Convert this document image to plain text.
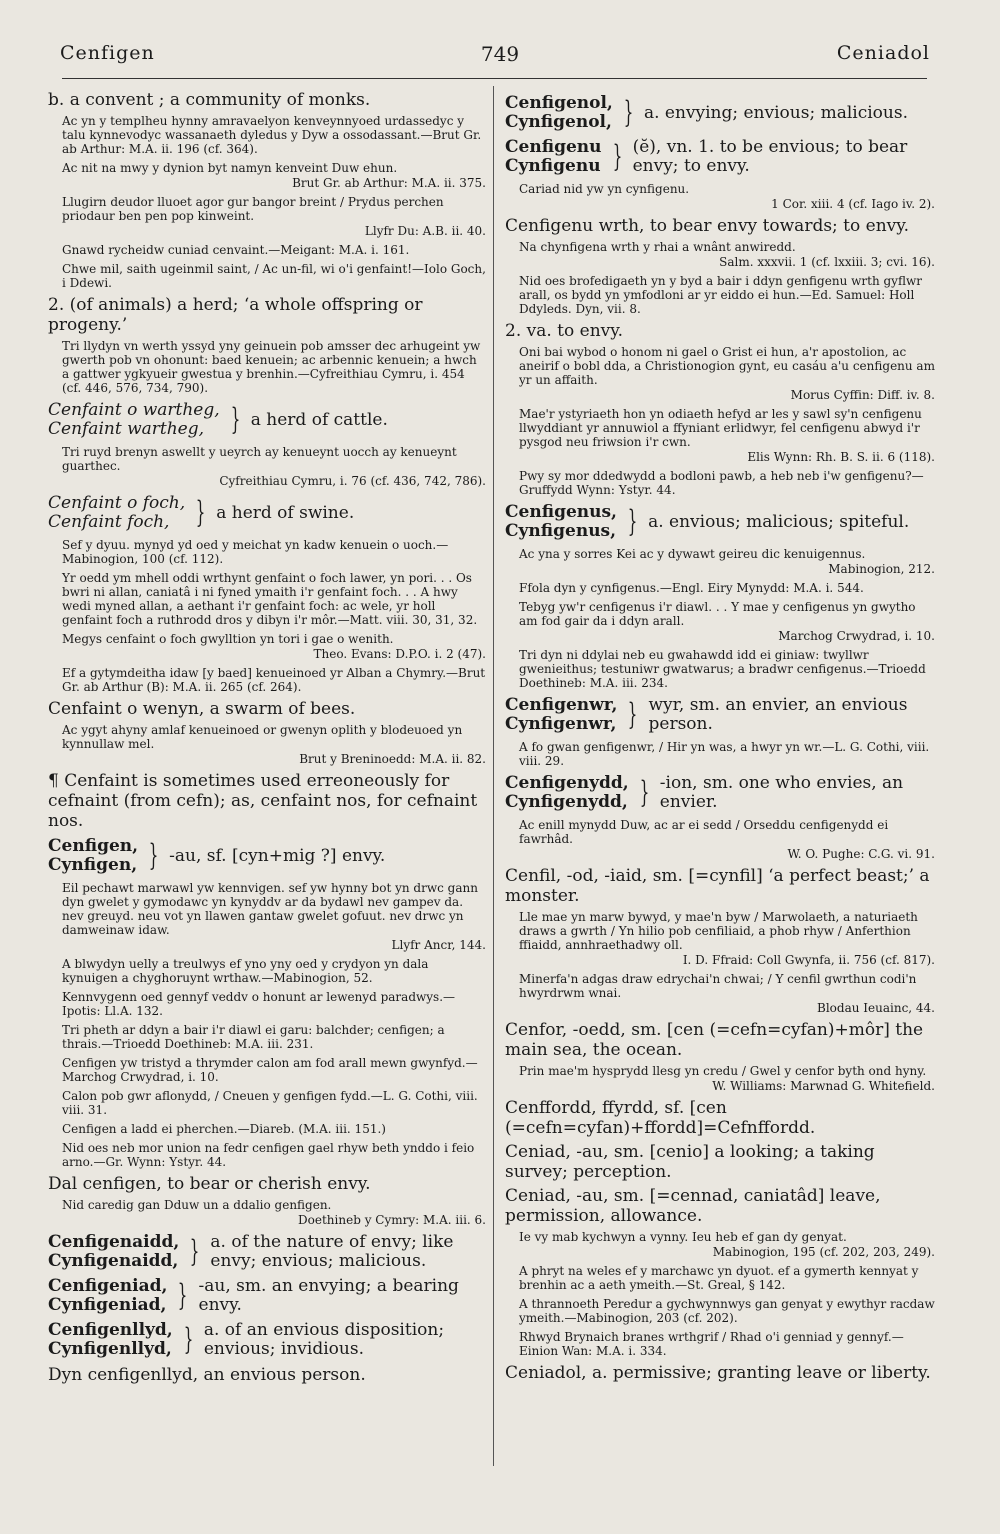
Cenfigen	749	Ceniadol
b. a convent ; a community of monks.
Ac yn y templheu hynny amravaelyon kenveynnyoed urdassedyc y talu kynnevodyc wassanaeth dyledus y Dyw a ossodassant.—Brut Gr. ab Arthur: M.A. ii. 196 (cf. 364).
Ac nit na mwy y dynion byt namyn kenveint Duw ehun.
Brut Gr. ab Arthur: M.A. ii. 375.
Llugirn deudor lluoet agor gur bangor breint / Prydus perchen priodaur ben pen pop kinweint.
Llyfr Du: A.B. ii. 40.
Gnawd rycheidw cuniad cenvaint.—Meigant: M.A. i. 161.
Chwe mil, saith ugeinmil saint, / Ac un-fil, wi o'i genfaint!—Iolo Goch, i Ddewi.
2. (of animals) a herd; ‘a whole offspring or progeny.’
Tri llydyn vn werth yssyd yny geinuein pob amsser dec arhugeint yw gwerth pob vn ohonunt: baed kenuein; ac arbennic kenuein; a hwch a gattwer ygkyueir gwestua y brenhin.—Cyfreithiau Cymru, i. 454 (cf. 446, 576, 734, 790).
Cenfaint o wartheg,
Cenfaint wartheg, } a herd of cattle.
Tri ruyd brenyn aswellt y ueyrch ay kenueynt uocch ay kenueynt guarthec.
Cyfreithiau Cymru, i. 76 (cf. 436, 742, 786).
Cenfaint o foch,
Cenfaint foch, } a herd of swine.
Sef y dyuu. mynyd yd oed y meichat yn kadw kenuein o uoch.—Mabinogion, 100 (cf. 112).
Yr oedd ym mhell oddi wrthynt genfaint o foch lawer, yn pori. . . Os bwri ni allan, caniatâ i ni fyned ymaith i'r genfaint foch. . . A hwy wedi myned allan, a aethant i'r genfaint foch: ac wele, yr holl genfaint foch a ruthrodd dros y dibyn i'r môr.—Matt. viii. 30, 31, 32.
Megys cenfaint o foch gwylltion yn tori i gae o wenith.
Theo. Evans: D.P.O. i. 2 (47).
Ef a gytymdeitha idaw [y baed] kenueinoed yr Alban a Chymry.—Brut Gr. ab Arthur (B): M.A. ii. 265 (cf. 264).
Cenfaint o wenyn, a swarm of bees.
Ac ygyt ahyny amlaf kenueinoed or gwenyn oplith y blodeuoed yn kynnullaw mel.
Brut y Breninoedd: M.A. ii. 82.
¶ Cenfaint is sometimes used erreoneously for cefnaint (from cefn); as, cenfaint nos, for cefnaint nos.
Cenfigen,
Cynfigen, } -au, sf. [cyn+mig ?] envy.
Eil pechawt marwawl yw kennvigen. sef yw hynny bot yn drwc gann dyn gwelet y gymodawc yn kynyddv ar da bydawl nev gampev da. nev greuyd. neu vot yn llawen gantaw gwelet gofuut. nev drwc yn damweinaw idaw.
Llyfr Ancr, 144.
A blwydyn uelly a treulwys ef yno yny oed y crydyon yn dala kynuigen a chyghoruynt wrthaw.—Mabinogion, 52.
Kennvygenn oed gennyf veddv o honunt ar lewenyd paradwys.—Ipotis: Ll.A. 132.
Tri pheth ar ddyn a bair i'r diawl ei garu: balchder; cenfigen; a thrais.—Trioedd Doethineb: M.A. iii. 231.
Cenfigen yw tristyd a thrymder calon am fod arall mewn gwynfyd.—Marchog Crwydrad, i. 10.
Calon pob gwr aflonydd, / Cneuen y genfigen fydd.—L. G. Cothi, viii. viii. 31.
Cenfigen a ladd ei pherchen.—Diareb. (M.A. iii. 151.)
Nid oes neb mor union na fedr cenfigen gael rhyw beth ynddo i feio arno.—Gr. Wynn: Ystyr. 44.
Dal cenfigen, to bear or cherish envy.
Nid caredig gan Dduw un a ddalio genfigen.
Doethineb y Cymry: M.A. iii. 6.
Cenfigenaidd,
Cynfigenaidd, } a. of the nature of envy; like envy; envious; malicious.
Cenfigeniad,
Cynfigeniad, } -au, sm. an envying; a bearing envy.
Cenfigenllyd,
Cynfigenllyd, } a. of an envious disposition; envious; invidious.
Dyn cenfigenllyd, an envious person.
Cenfigenol,
Cynfigenol, } a. envying; envious; malicious.
Cenfigenu
Cynfigenu } (ĕ), vn. 1. to be envious; to bear envy; to envy.
Cariad nid yw yn cynfigenu.
1 Cor. xiii. 4 (cf. Iago iv. 2).
Cenfigenu wrth, to bear envy towards; to envy.
Na chynfigena wrth y rhai a wnânt anwiredd.
Salm. xxxvii. 1 (cf. lxxiii. 3; cvi. 16).
Nid oes brofedigaeth yn y byd a bair i ddyn genfigenu wrth gyflwr arall, os bydd yn ymfodloni ar yr eiddo ei hun.—Ed. Samuel: Holl Ddyleds. Dyn, vii. 8.
2. va. to envy.
Oni bai wybod o honom ni gael o Grist ei hun, a'r apostolion, ac aneirif o bobl dda, a Christionogion gynt, eu casáu a'u cenfigenu am yr un affaith.
Morus Cyffin: Diff. iv. 8.
Mae'r ystyriaeth hon yn odiaeth hefyd ar les y sawl sy'n cenfigenu llwyddiant yr annuwiol a ffyniant erlidwyr, fel cenfigenu abwyd i'r pysgod neu friwsion i'r cwn.
Elis Wynn: Rh. B. S. ii. 6 (118).
Pwy sy mor ddedwydd a bodloni pawb, a heb neb i'w genfigenu?—Gruffydd Wynn: Ystyr. 44.
Cenfigenus,
Cynfigenus, } a. envious; malicious; spiteful.
Ac yna y sorres Kei ac y dywawt geireu dic kenuigennus.
Mabinogion, 212.
Ffola dyn y cynfigenus.—Engl. Eiry Mynydd: M.A. i. 544.
Tebyg yw'r cenfigenus i'r diawl. . . Y mae y cenfigenus yn gwytho am fod gair da i ddyn arall.
Marchog Crwydrad, i. 10.
Tri dyn ni ddylai neb eu gwahawdd idd ei giniaw: twyllwr gwenieithus; testuniwr gwatwarus; a bradwr cenfigenus.—Trioedd Doethineb: M.A. iii. 234.
Cenfigenwr,
Cynfigenwr, } wyr, sm. an envier, an envious person.
A fo gwan genfigenwr, / Hir yn was, a hwyr yn wr.—L. G. Cothi, viii. viii. 29.
Cenfigenydd,
Cynfigenydd, } -ion, sm. one who envies, an envier.
Ac enill mynydd Duw, ac ar ei sedd / Orseddu cenfigenydd ei fawrhâd.
W. O. Pughe: C.G. vi. 91.
Cenfil, -od, -iaid, sm. [=cynfil] ‘a perfect beast;’ a monster.
Lle mae yn marw bywyd, y mae'n byw / Marwolaeth, a naturiaeth draws a gwrth / Yn hilio pob cenfiliaid, a phob rhyw / Anferthion ffiaidd, annhraethadwy oll.
I. D. Ffraid: Coll Gwynfa, ii. 756 (cf. 817).
Minerfa'n adgas draw edrychai'n chwai; / Y cenfil gwrthun codi'n hwyrdrwm wnai.
Blodau Ieuainc, 44.
Cenfor, -oedd, sm. [cen (=cefn=cyfan)+môr] the main sea, the ocean.
Prin mae'm hysprydd llesg yn credu / Gwel y cenfor byth ond hyny.
W. Williams: Marwnad G. Whitefield.
Cenffordd, ffyrdd, sf. [cen (=cefn=cyfan)+ffordd]=Cefnffordd.
Ceniad, -au, sm. [cenio] a looking; a taking survey; perception.
Ceniad, -au, sm. [=cennad, caniatâd] leave, permission, allowance.
Ie vy mab kychwyn a vynny. Ieu heb ef gan dy genyat.
Mabinogion, 195 (cf. 202, 203, 249).
A phryt na weles ef y marchawc yn dyuot. ef a gymerth kennyat y brenhin ac a aeth ymeith.—St. Greal, § 142.
A thrannoeth Peredur a gychwynnwys gan genyat y ewythyr racdaw ymeith.—Mabinogion, 203 (cf. 202).
Rhwyd Brynaich branes wrthgrif / Rhad o'i genniad y gennyf.—Einion Wan: M.A. i. 334.
Ceniadol, a. permissive; granting leave or liberty.
